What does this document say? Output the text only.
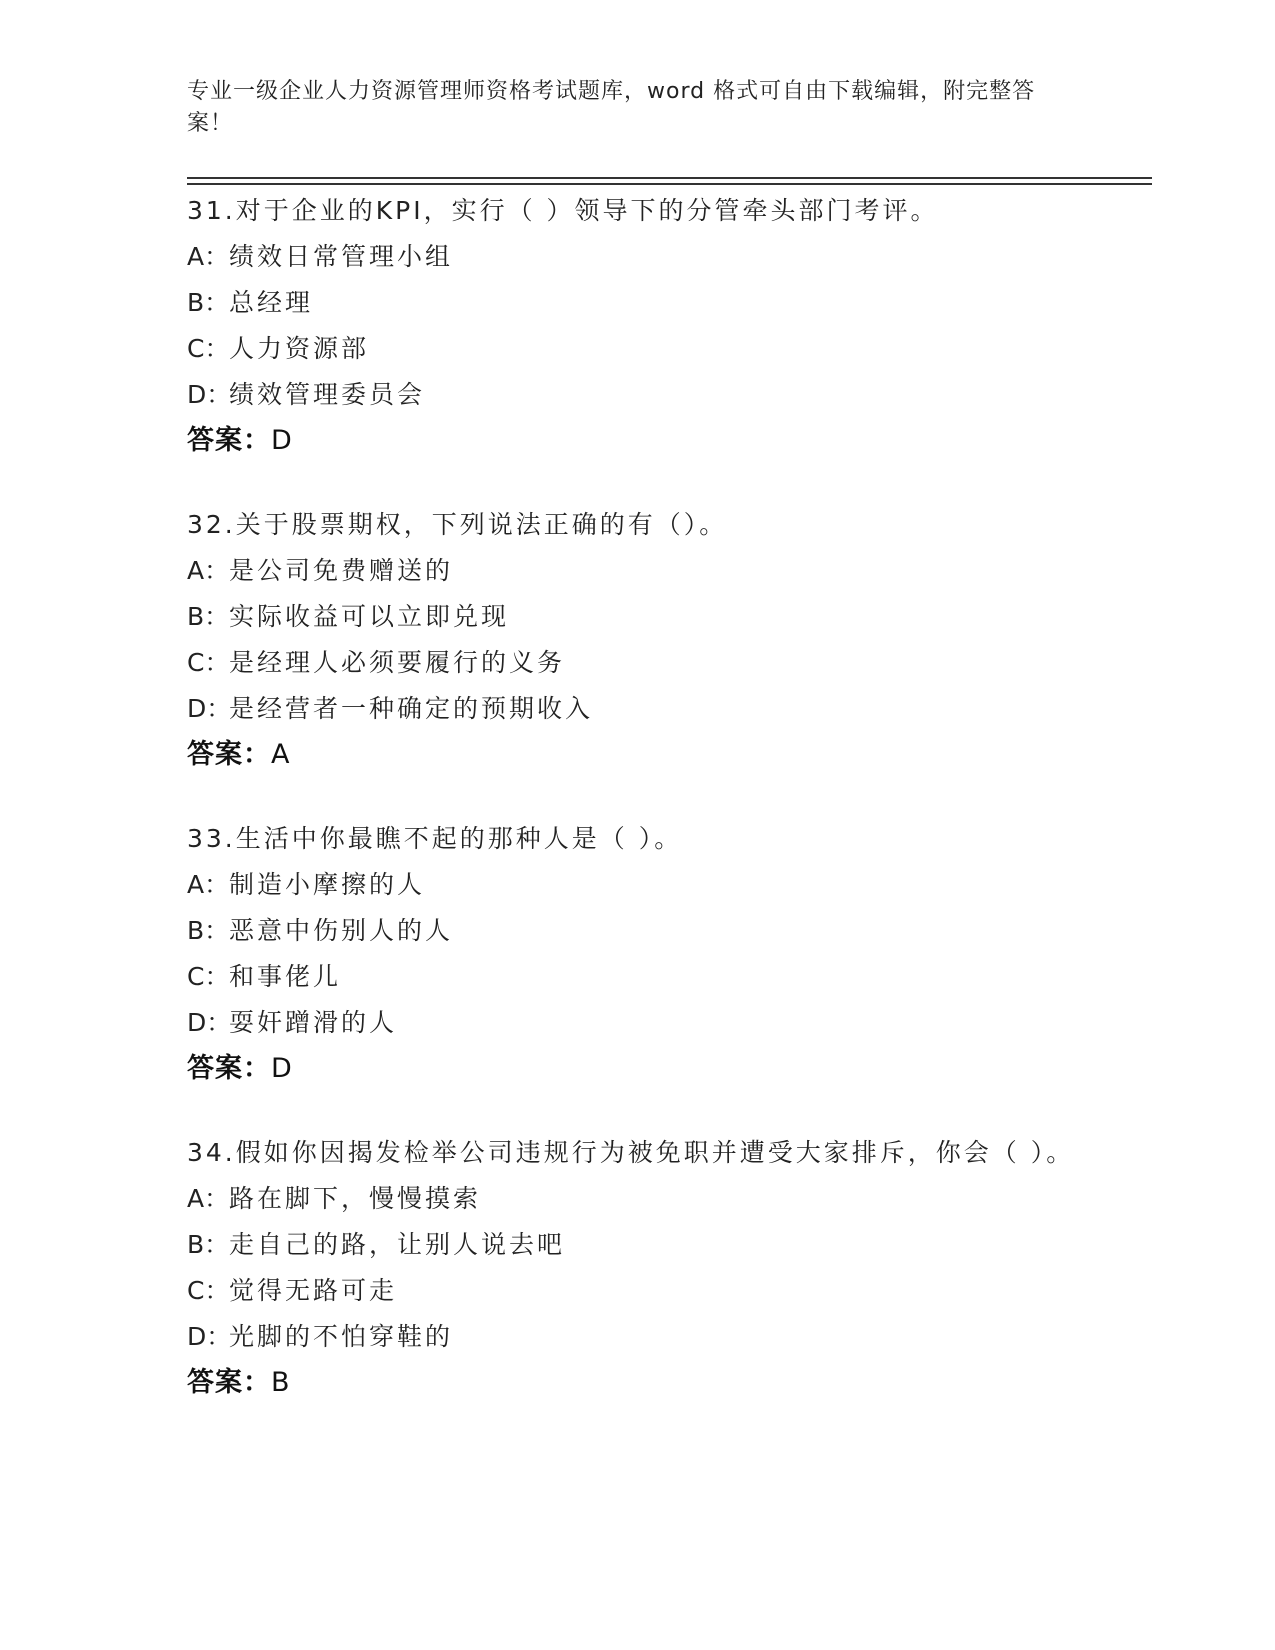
专业一级企业人力资源管理师资格考试题库，word 格式可自由下载编辑，附完整答案！
31.对于企业的KPI，实行（ ）领导下的分管牵头部门考评。
A：绩效日常管理小组
B：总经理
C：人力资源部
D：绩效管理委员会
答案：D
32.关于股票期权，下列说法正确的有（）。
A：是公司免费赠送的
B：实际收益可以立即兑现
C：是经理人必须要履行的义务
D：是经营者一种确定的预期收入
答案：A
33.生活中你最瞧不起的那种人是（ ）。
A：制造小摩擦的人
B：恶意中伤别人的人
C：和事佬儿
D：耍奸蹭滑的人
答案：D
34.假如你因揭发检举公司违规行为被免职并遭受大家排斥，你会（ ）。
A：路在脚下，慢慢摸索
B：走自己的路，让别人说去吧
C：觉得无路可走
D：光脚的不怕穿鞋的
答案：B
